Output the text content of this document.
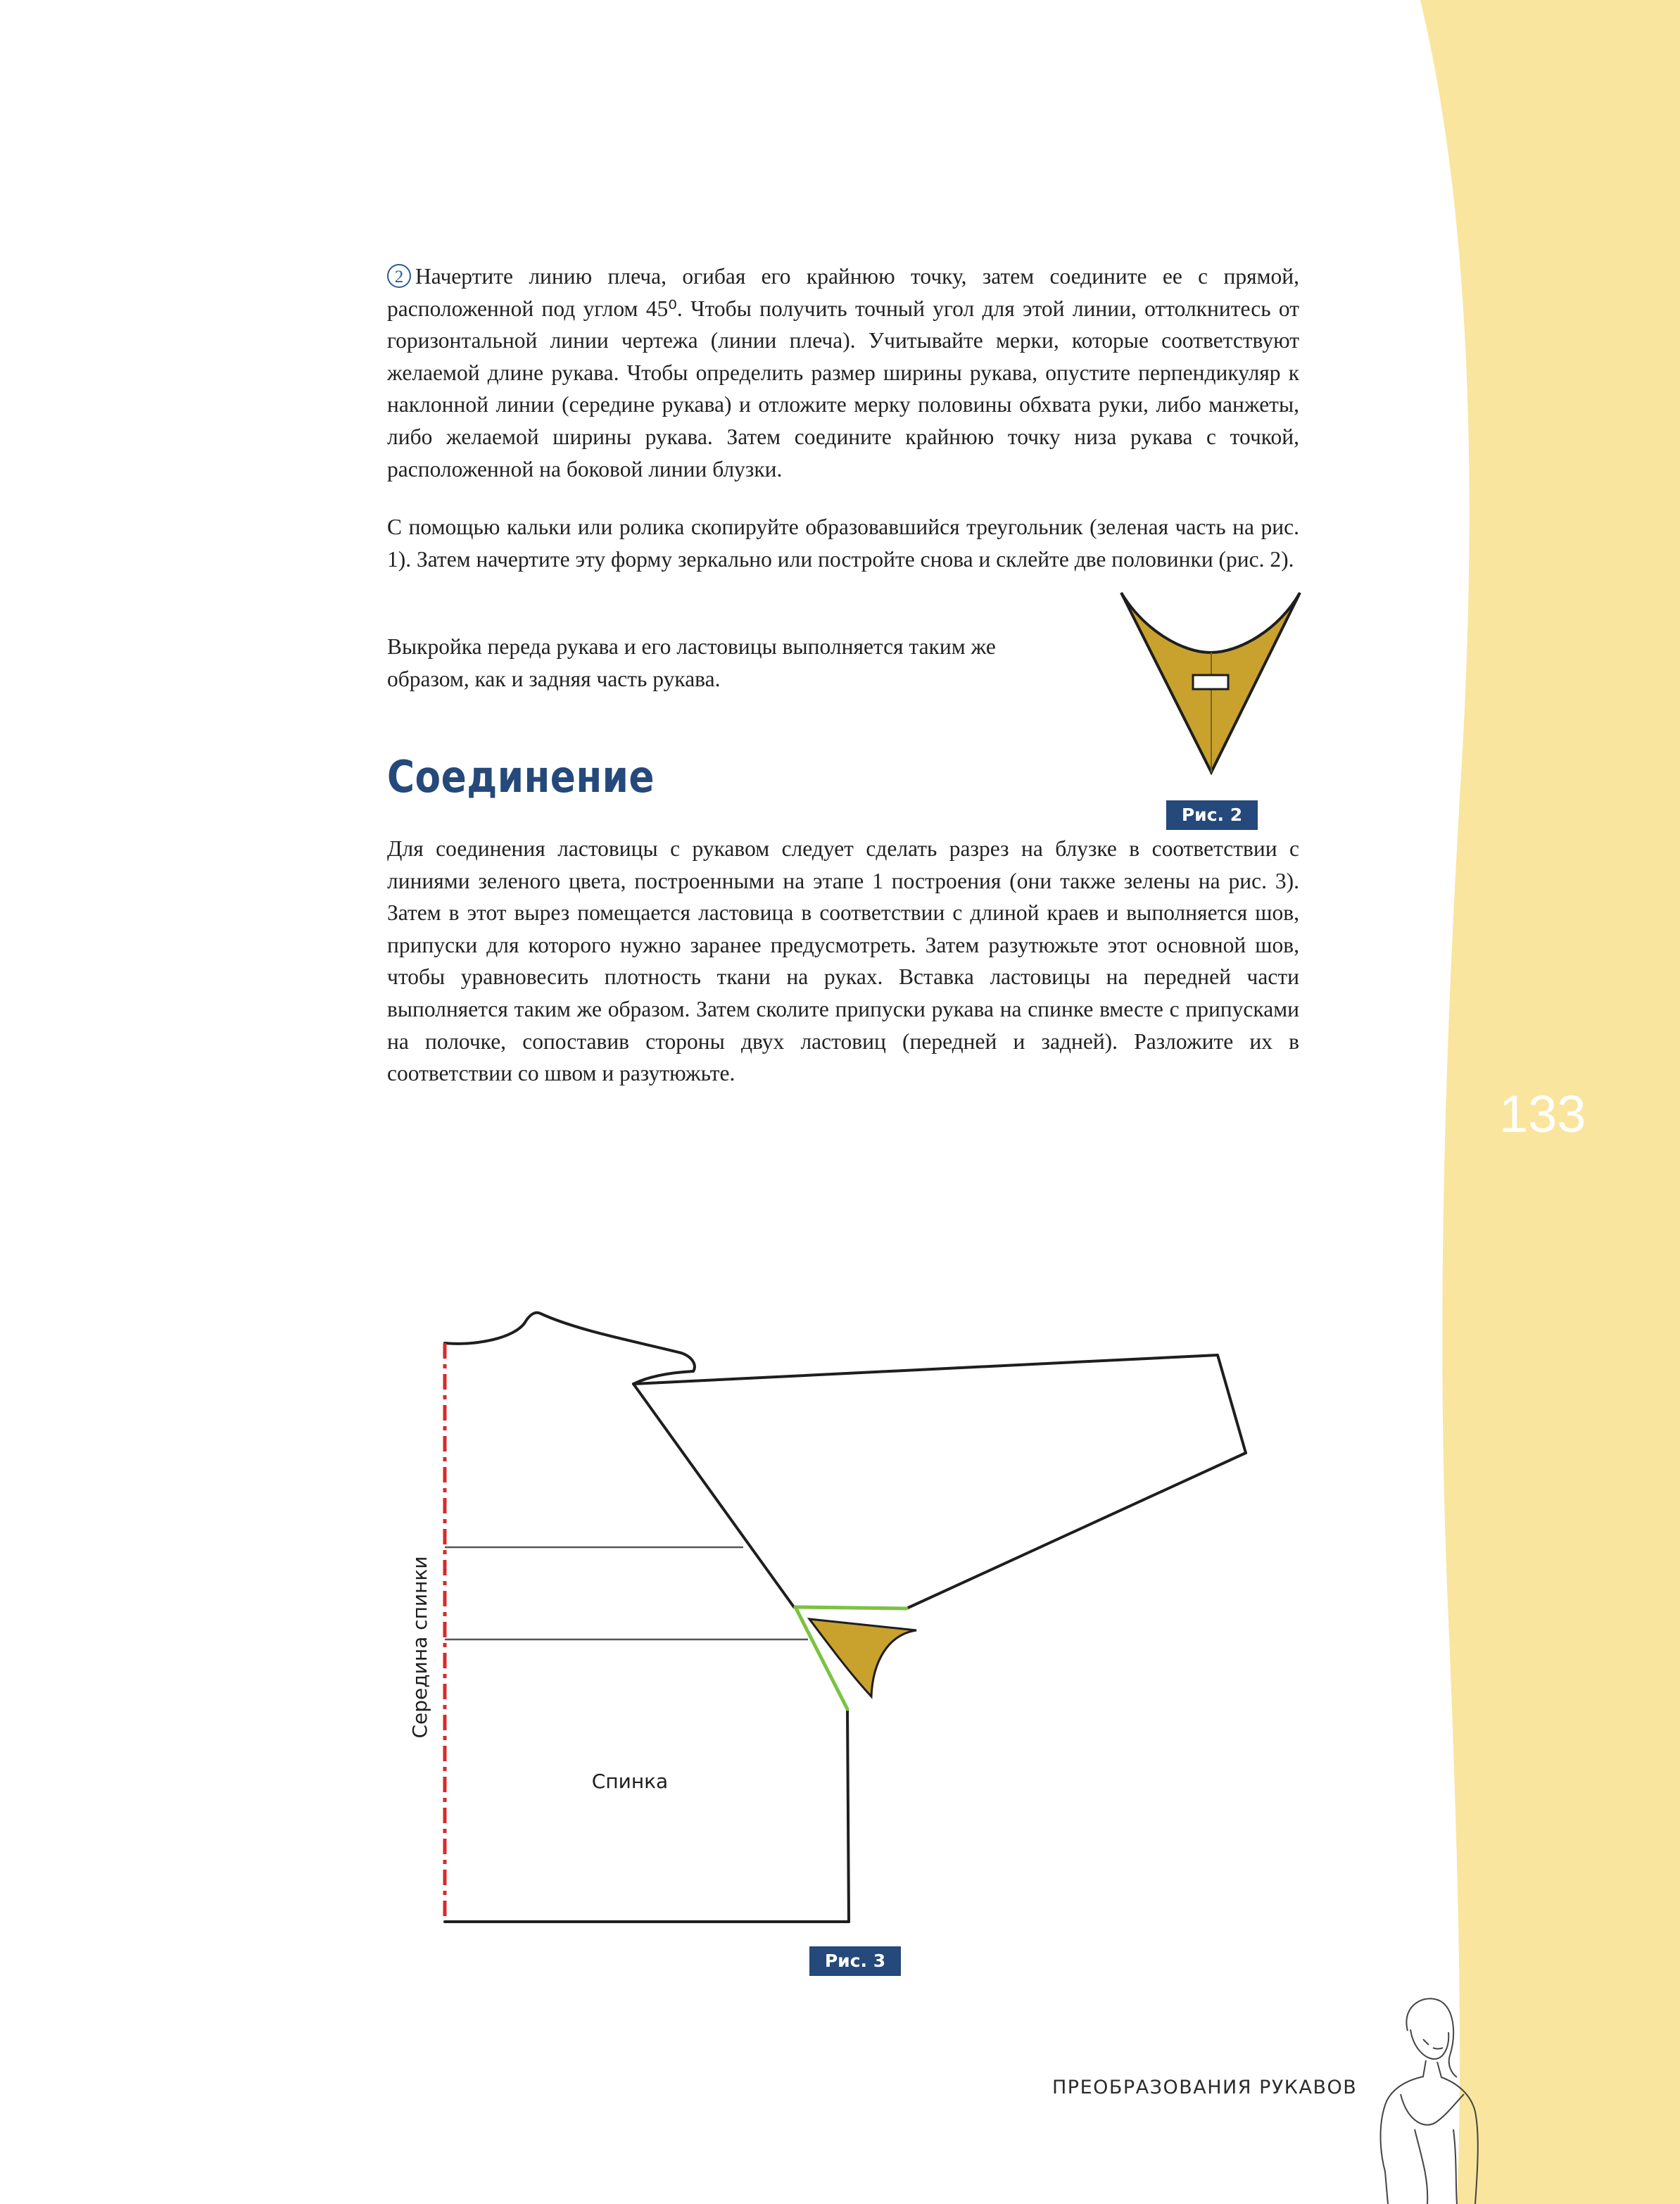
2 Начертите линию плеча, огибая его крайнюю точку, затем соедините ее с прямой, расположенной под углом 45⁰. Чтобы получить точный угол для этой линии, оттолкнитесь от горизонтальной линии чертежа (линии плеча). Учитывайте мерки, которые соответствуют желаемой длине рукава. Чтобы определить размер ширины рукава, опустите перпендикуляр к наклонной линии (середине рукава) и отложите мерку половины обхвата руки, либо манжеты, либо желаемой ширины рукава. Затем соедините крайнюю точку низа рукава с точкой, расположенной на боковой линии блузки.

С помощью кальки или ролика скопируйте образовавшийся треугольник (зеленая часть на рис. 1). Затем начертите эту форму зеркально или постройте снова и склейте две половинки (рис. 2).

Выкройка переда рукава и его ластовицы выполняется таким же образом, как и задняя часть рукава.

Рис. 2
Соединение

Для соединения ластовицы с рукавом следует сделать разрез на блузке в соответствии с линиями зеленого цвета, построенными на этапе 1 построения (они также зелены на рис. 3). Затем в этот вырез помещается ластовица в соответствии с длиной краев и выполняется шов, припуски для которого нужно заранее предусмотреть. Затем разутюжьте этот основной шов, чтобы уравновесить плотность ткани на руках. Вставка ластовицы на передней части выполняется таким же образом. Затем сколите припуски рукава на спинке вместе с припусками на полочке, сопоставив стороны двух ластовиц (передней и задней). Разложите их в соответствии со швом и разутюжьте.

133
Середина спинки
Спинка
Рис. 3
ПРЕОБРАЗОВАНИЯ РУКАВОВ
